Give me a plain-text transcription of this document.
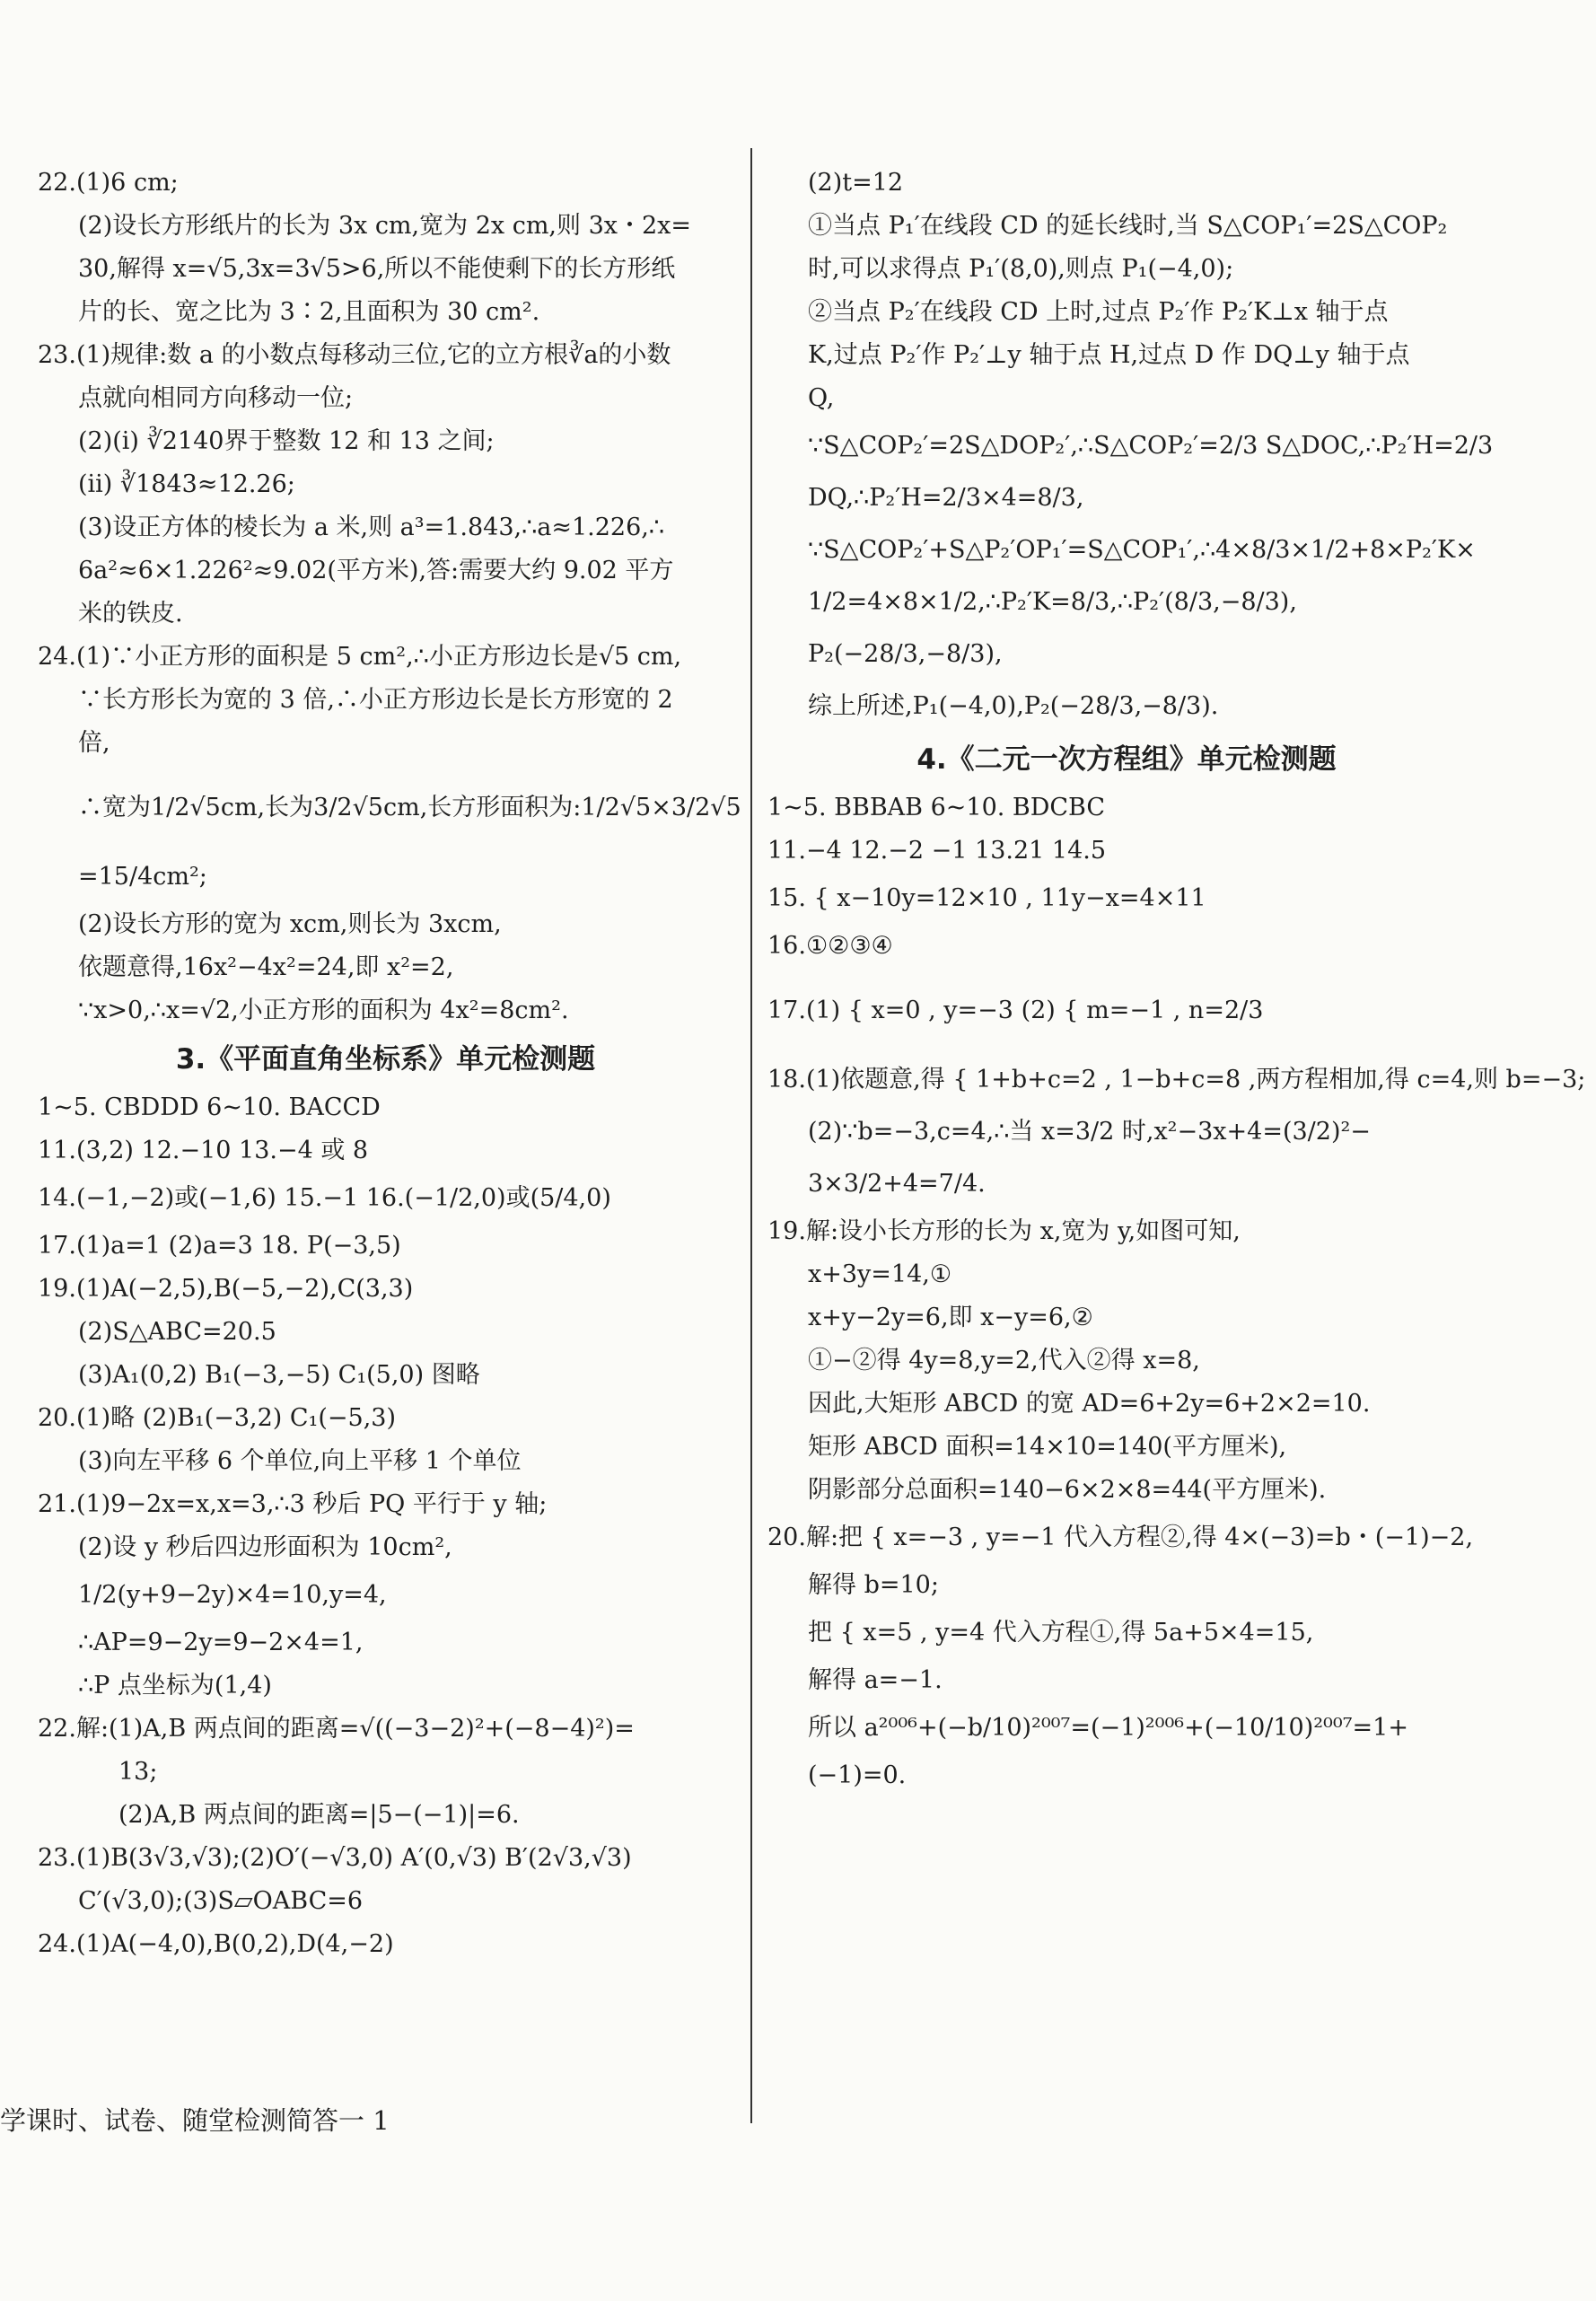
22.(1)6 cm;
(2)设长方形纸片的长为 3x cm,宽为 2x cm,则 3x・2x=
30,解得 x=√5,3x=3√5>6,所以不能使剩下的长方形纸
片的长、宽之比为 3∶2,且面积为 30 cm².
23.(1)规律:数 a 的小数点每移动三位,它的立方根∛a的小数
点就向相同方向移动一位;
(2)(i) ∛2140界于整数 12 和 13 之间;
(ii) ∛1843≈12.26;
(3)设正方体的棱长为 a 米,则 a³=1.843,∴a≈1.226,∴
6a²≈6×1.226²≈9.02(平方米),答:需要大约 9.02 平方
米的铁皮.
24.(1)∵小正方形的面积是 5 cm²,∴小正方形边长是√5 cm,
∵长方形长为宽的 3 倍,∴小正方形边长是长方形宽的 2
倍,
∴宽为1/2√5cm,长为3/2√5cm,长方形面积为:1/2√5×3/2√5
=15/4cm²;
(2)设长方形的宽为 xcm,则长为 3xcm,
依题意得,16x²−4x²=24,即 x²=2,
∵x>0,∴x=√2,小正方形的面积为 4x²=8cm².
3.《平面直角坐标系》单元检测题
1~5. CBDDD 6~10. BACCD
11.(3,2) 12.−10 13.−4 或 8
14.(−1,−2)或(−1,6) 15.−1 16.(−1/2,0)或(5/4,0)
17.(1)a=1 (2)a=3 18. P(−3,5)
19.(1)A(−2,5),B(−5,−2),C(3,3)
(2)S△ABC=20.5
(3)A₁(0,2) B₁(−3,−5) C₁(5,0) 图略
20.(1)略 (2)B₁(−3,2) C₁(−5,3)
(3)向左平移 6 个单位,向上平移 1 个单位
21.(1)9−2x=x,x=3,∴3 秒后 PQ 平行于 y 轴;
(2)设 y 秒后四边形面积为 10cm²,
1/2(y+9−2y)×4=10,y=4,
∴AP=9−2y=9−2×4=1,
∴P 点坐标为(1,4)
22.解:(1)A,B 两点间的距离=√((−3−2)²+(−8−4)²)=
13;
(2)A,B 两点间的距离=|5−(−1)|=6.
23.(1)B(3√3,√3);(2)O′(−√3,0) A′(0,√3) B′(2√3,√3)
C′(√3,0);(3)S▱OABC=6
24.(1)A(−4,0),B(0,2),D(4,−2)
(2)t=12
①当点 P₁′在线段 CD 的延长线时,当 S△COP₁′=2S△COP₂
时,可以求得点 P₁′(8,0),则点 P₁(−4,0);
②当点 P₂′在线段 CD 上时,过点 P₂′作 P₂′K⊥x 轴于点
K,过点 P₂′作 P₂′⊥y 轴于点 H,过点 D 作 DQ⊥y 轴于点
Q,
∵S△COP₂′=2S△DOP₂′,∴S△COP₂′=2/3 S△DOC,∴P₂′H=2/3
DQ,∴P₂′H=2/3×4=8/3,
∵S△COP₂′+S△P₂′OP₁′=S△COP₁′,∴4×8/3×1/2+8×P₂′K×
1/2=4×8×1/2,∴P₂′K=8/3,∴P₂′(8/3,−8/3),
P₂(−28/3,−8/3),
综上所述,P₁(−4,0),P₂(−28/3,−8/3).
4.《二元一次方程组》单元检测题
1~5. BBBAB 6~10. BDCBC
11.−4 12.−2 −1 13.21 14.5
15. { x−10y=12×10 , 11y−x=4×11
16.①②③④
17.(1) { x=0 , y=−3 (2) { m=−1 , n=2/3
18.(1)依题意,得 { 1+b+c=2 , 1−b+c=8 ,两方程相加,得 c=4,则 b=−3;
(2)∵b=−3,c=4,∴当 x=3/2 时,x²−3x+4=(3/2)²−
3×3/2+4=7/4.
19.解:设小长方形的长为 x,宽为 y,如图可知,
x+3y=14,①
x+y−2y=6,即 x−y=6,②
①−②得 4y=8,y=2,代入②得 x=8,
因此,大矩形 ABCD 的宽 AD=6+2y=6+2×2=10.
矩形 ABCD 面积=14×10=140(平方厘米),
阴影部分总面积=140−6×2×8=44(平方厘米).
20.解:把 { x=−3 , y=−1 代入方程②,得 4×(−3)=b・(−1)−2,
解得 b=10;
把 { x=5 , y=4 代入方程①,得 5a+5×4=15,
解得 a=−1.
所以 a²⁰⁰⁶+(−b/10)²⁰⁰⁷=(−1)²⁰⁰⁶+(−10/10)²⁰⁰⁷=1+
(−1)=0.
学课时、试卷、随堂检测简答一 1
